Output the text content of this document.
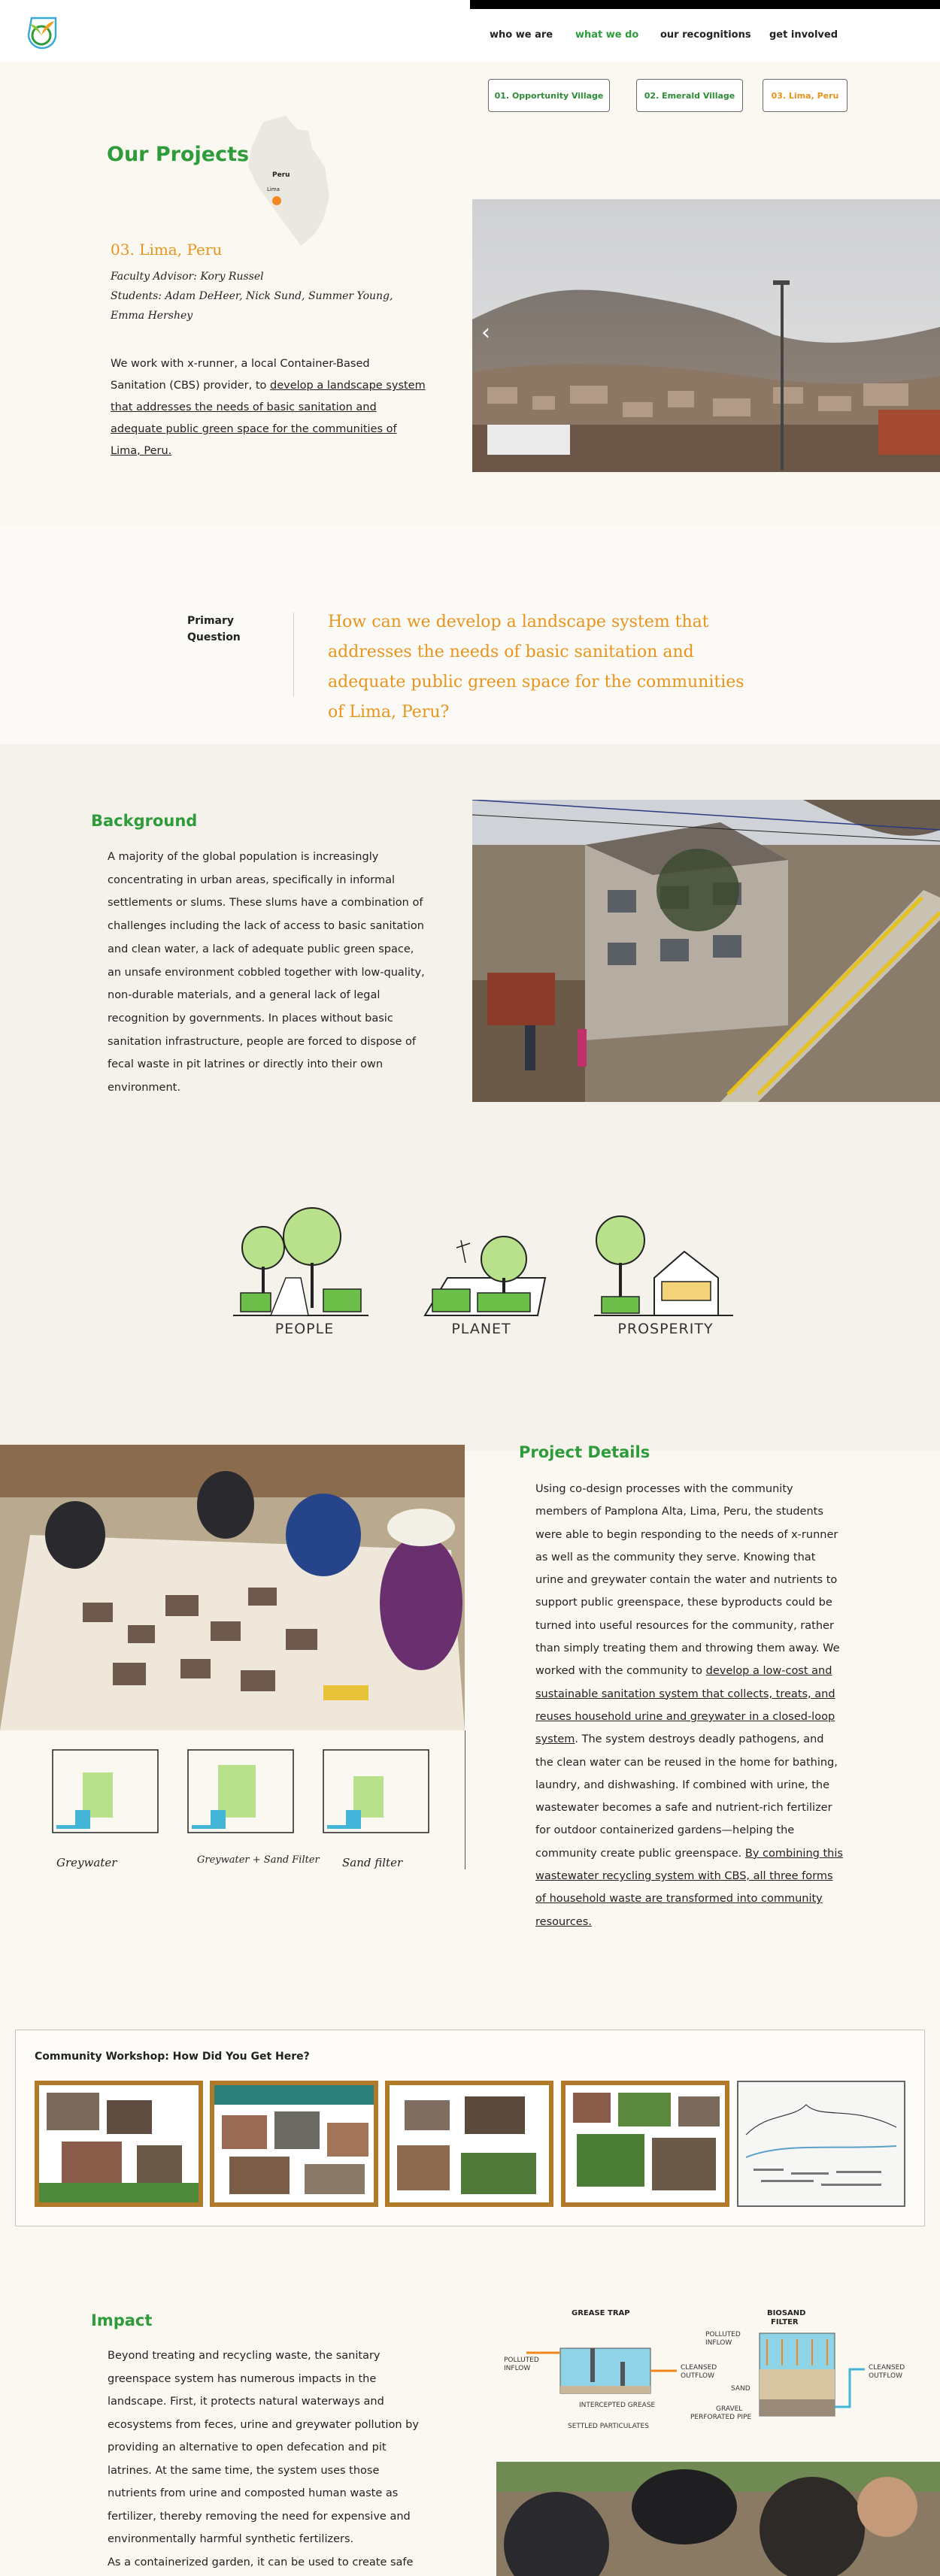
who we are what we do our recognitions get involved
01. Opportunity Village	02. Emerald Village	03. Lima, Peru
Our Projects
Peru
Lima
03. Lima, Peru
Faculty Advisor: Kory Russel
Students: Adam DeHeer, Nick Sund, Summer Young, Emma Hershey
We work with x-runner, a local Container-Based Sanitation (CBS) provider, to develop a landscape system that addresses the needs of basic sanitation and adequate public green space for the communities of Lima, Peru.
‹
Primary Question
How can we develop a landscape system that addresses the needs of basic sanitation and adequate public green space for the communities of Lima, Peru?
Background
A majority of the global population is increasingly concentrating in urban areas, specifically in informal settlements or slums. These slums have a combination of challenges including the lack of access to basic sanitation and clean water, a lack of adequate public green space, an unsafe environment cobbled together with low-quality, non-durable materials, and a general lack of legal recognition by governments. In places without basic sanitation infrastructure, people are forced to dispose of fecal waste in pit latrines or directly into their own environment.
PEOPLE	PLANET	PROSPERITY
Greywater	Greywater + Sand Filter Sand filter
Project Details
Using co-design processes with the community members of Pamplona Alta, Lima, Peru, the students were able to begin responding to the needs of x-runner as well as the community they serve. Knowing that urine and greywater contain the water and nutrients to support public greenspace, these byproducts could be turned into useful resources for the community, rather than simply treating them and throwing them away. We worked with the community to develop a low-cost and sustainable sanitation system that collects, treats, and reuses household urine and greywater in a closed-loop system. The system destroys deadly pathogens, and the clean water can be reused in the home for bathing, laundry, and dishwashing. If combined with urine, the wastewater becomes a safe and nutrient-rich fertilizer for outdoor containerized gardens—helping the community create public greenspace. By combining this wastewater recycling system with CBS, all three forms of household waste are transformed into community resources.
Community Workshop: How Did You Get Here?
Impact
Beyond treating and recycling waste, the sanitary greenspace system has numerous impacts in the landscape. First, it protects natural waterways and ecosystems from feces, urine and greywater pollution by providing an alternative to open defecation and pit latrines. At the same time, the system uses those nutrients from urine and composted human waste as fertilizer, thereby removing the need for expensive and environmentally harmful synthetic fertilizers.
As a containerized garden, it can be used to create safe
GREASE TRAP	BIOSAND
FILTER
POLLUTED
INFLOW	CLEANSED
OUTFLOW
INTERCEPTED GREASE
SETTLED PARTICULATES
POLLUTED
INFLOW
SAND
GRAVEL
PERFORATED PIPE
CLEANSED
OUTFLOW
